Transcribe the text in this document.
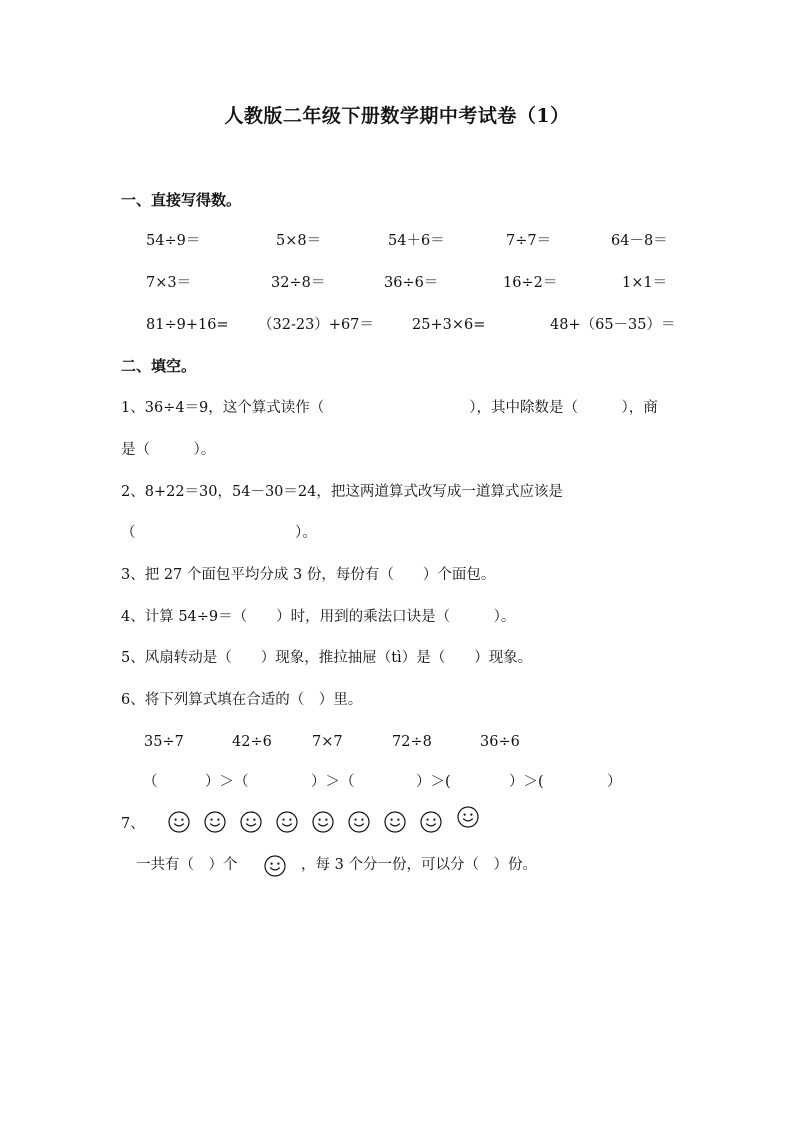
人教版二年级下册数学期中考试卷（1）
一、直接写得数。
54÷9＝	5×8＝	54＋6＝	7÷7＝	64－8＝
7×3＝	32÷8＝	36÷6＝	16÷2＝	1×1＝
81÷9+16= （32-23）+67＝	25+3×6=	48+（65－35）＝
二、填空。
1、36÷4＝9，这个算式读作（　　　　　　　　　　），其中除数是（　　　），商
是（　　　）。
2、8+22＝30，54－30＝24，把这两道算式改写成一道算式应该是
（　　　　　　　　　　　）。
3、把 27 个面包平均分成 3 份，每份有（　　）个面包。
4、计算 54÷9＝（　　）时，用到的乘法口诀是（　　　）。
5、风扇转动是（　　）现象，推拉抽屉（tì）是（　　）现象。
6、将下列算式填在合适的（　）里。
35÷7	42÷6	7×7	72÷8	36÷6
（	）＞（	）＞（	）＞(	）＞(	）
7、
一共有（　）个	，每 3 个分一份，可以分（　）份。
